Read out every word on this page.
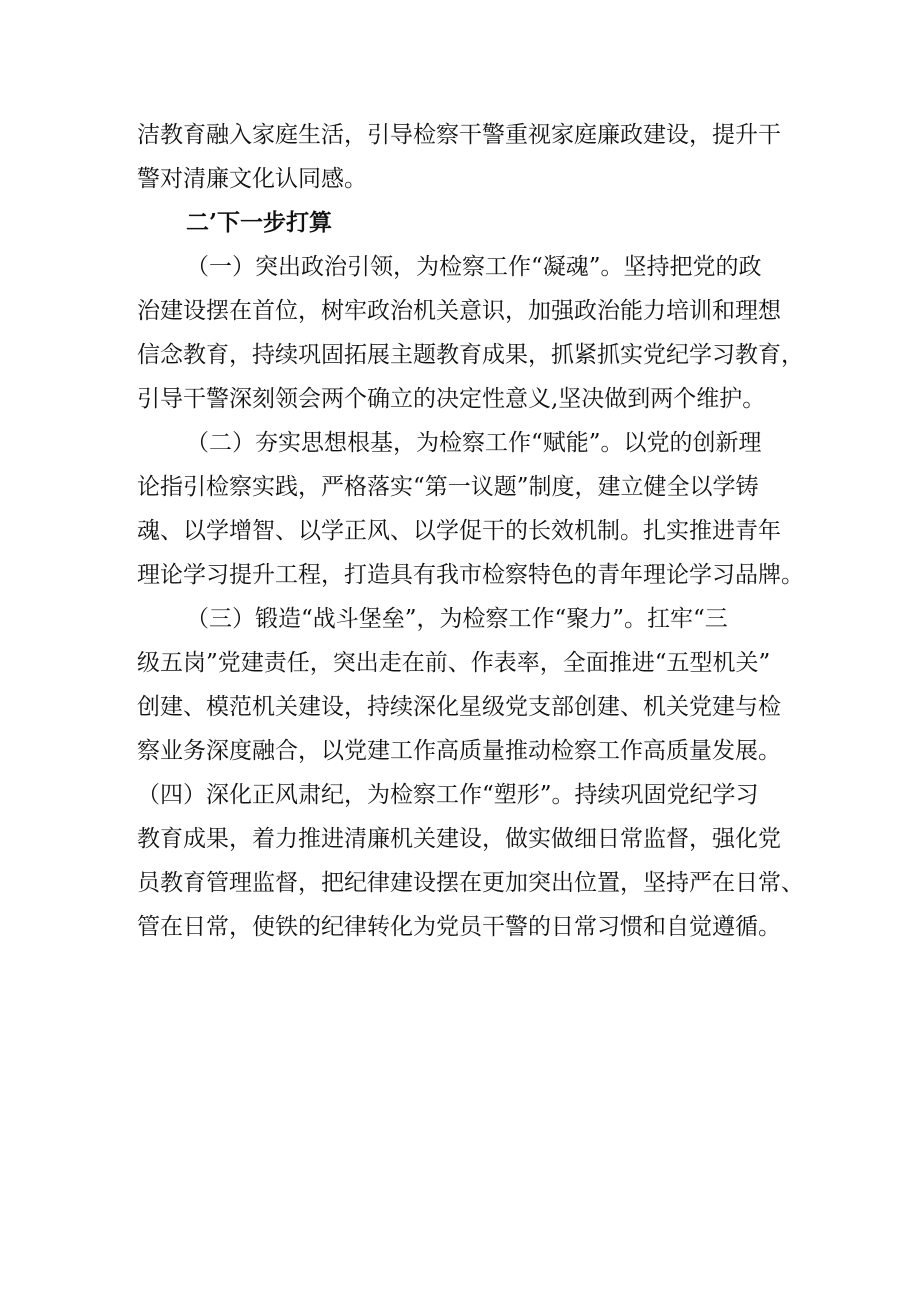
洁教育融入家庭生活，引导检察干警重视家庭廉政建设，提升干

警对清廉文化认同感。

二’下一步打算

（一）突出政治引领，为检察工作“凝魂”。坚持把党的政

治建设摆在首位，树牢政治机关意识，加强政治能力培训和理想

信念教育，持续巩固拓展主题教育成果，抓紧抓实党纪学习教育，

引导干警深刻领会两个确立的决定性意义,坚决做到两个维护。

（二）夯实思想根基，为检察工作“赋能”。以党的创新理

论指引检察实践，严格落实“第一议题”制度，建立健全以学铸

魂、以学增智、以学正风、以学促干的长效机制。扎实推进青年

理论学习提升工程，打造具有我市检察特色的青年理论学习品牌。

（三）锻造“战斗堡垒”，为检察工作“聚力”。扛牢“三

级五岗”党建责任，突出走在前、作表率，全面推进“五型机关”

创建、模范机关建设，持续深化星级党支部创建、机关党建与检

察业务深度融合，以党建工作高质量推动检察工作高质量发展。

（四）深化正风肃纪，为检察工作“塑形”。持续巩固党纪学习

教育成果，着力推进清廉机关建设，做实做细日常监督，强化党

员教育管理监督，把纪律建设摆在更加突出位置，坚持严在日常、

管在日常，使铁的纪律转化为党员干警的日常习惯和自觉遵循。
